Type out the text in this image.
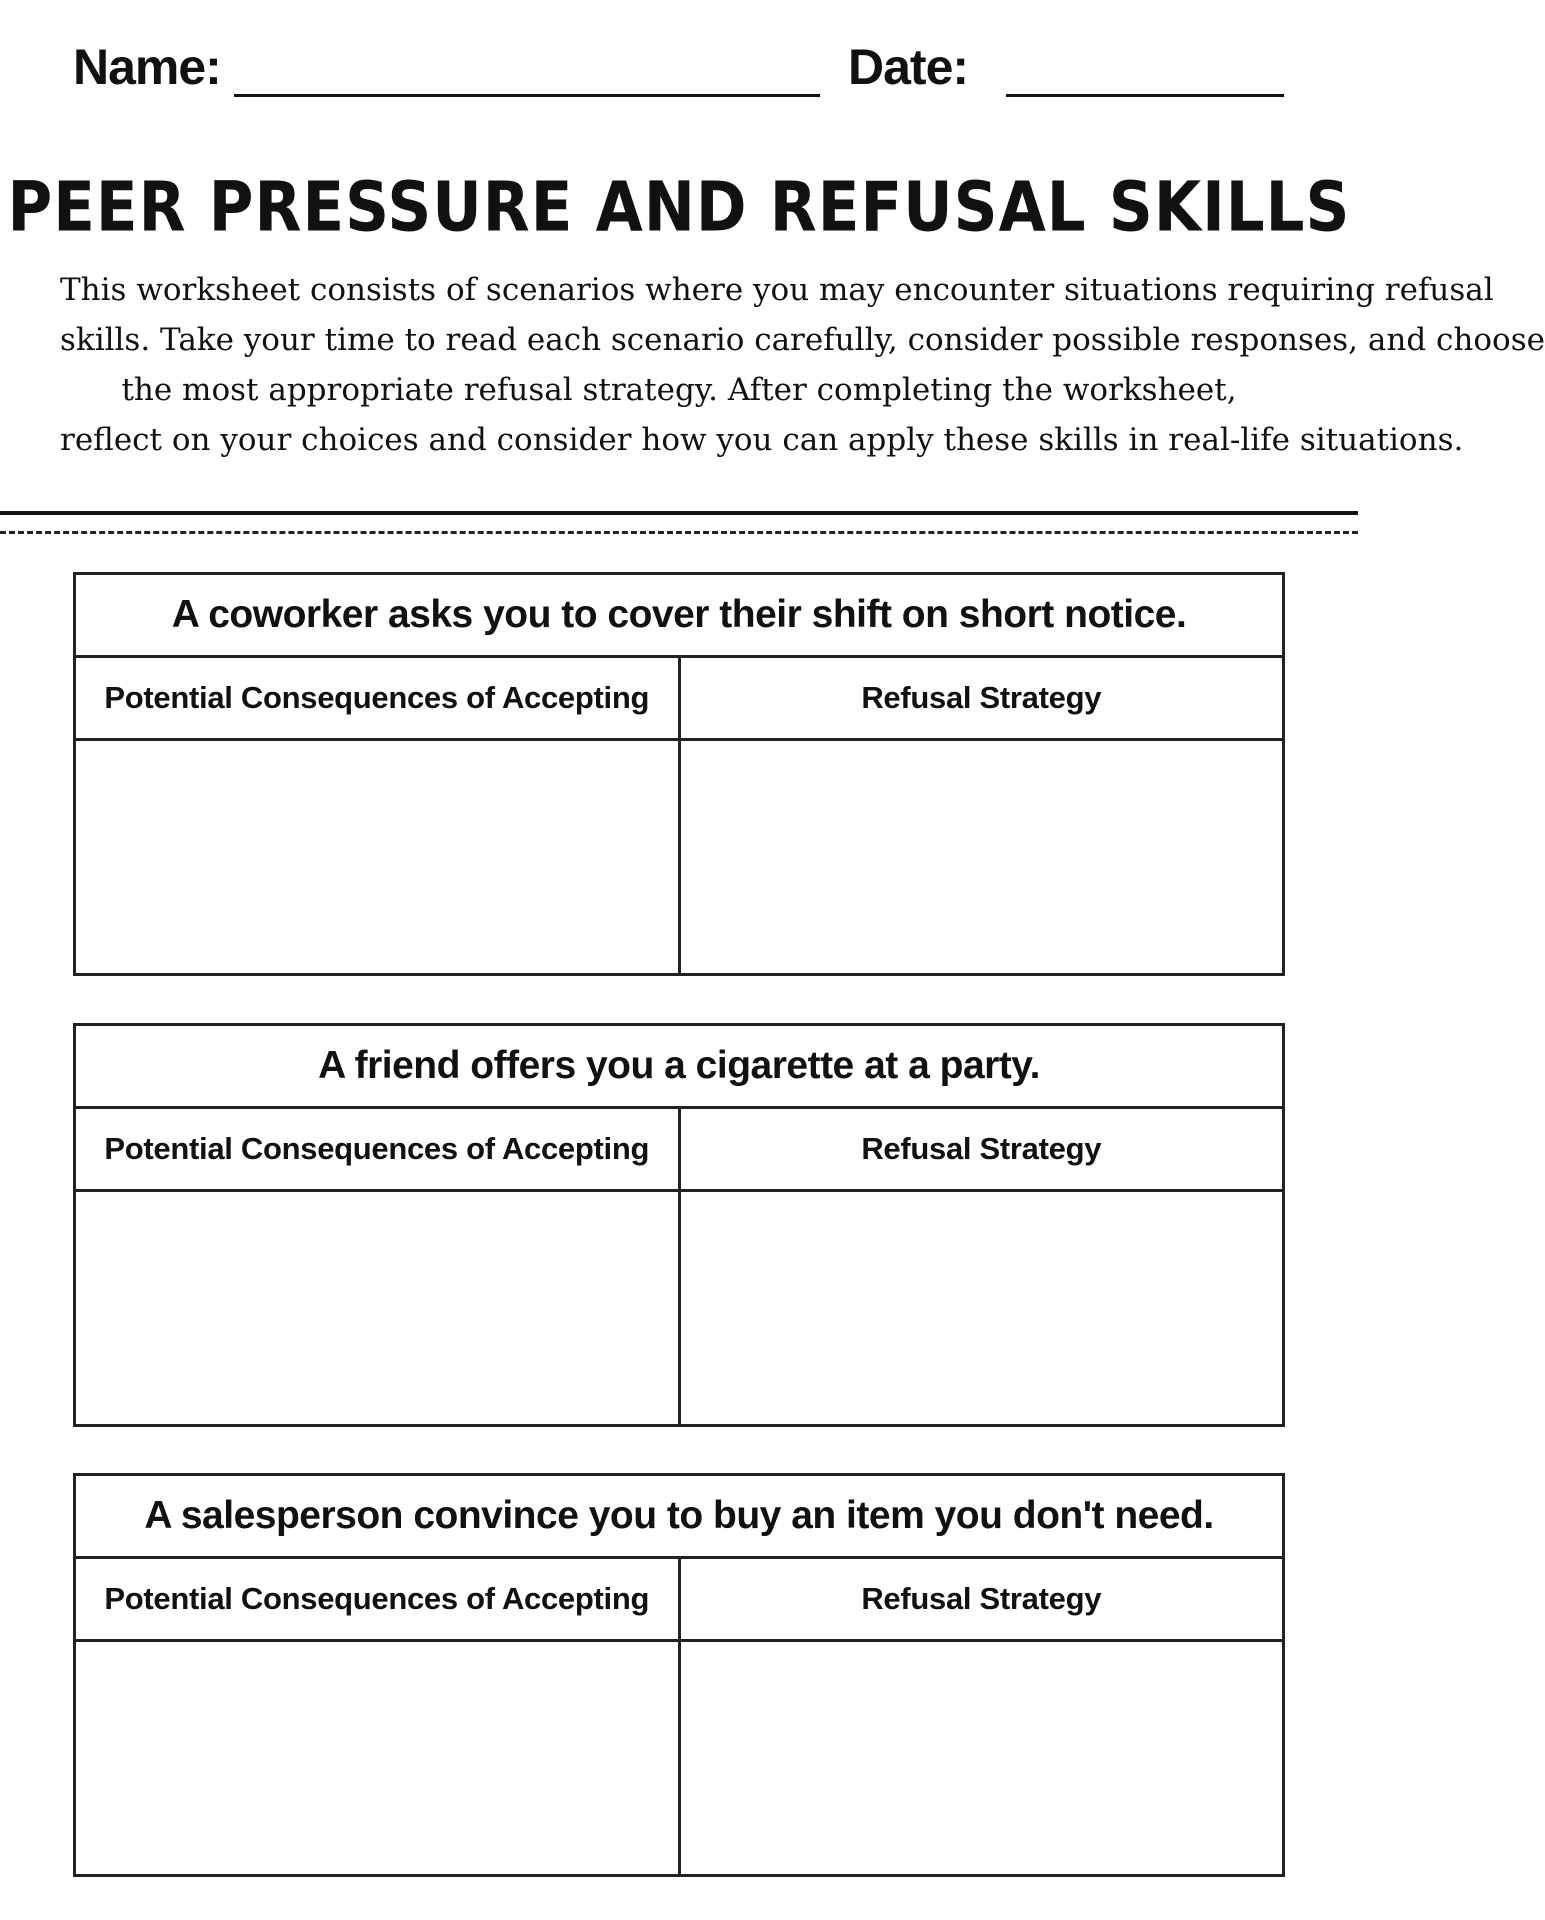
Name:	Date:
PEER PRESSURE AND REFUSAL SKILLS
This worksheet consists of scenarios where you may encounter situations requiring refusal
skills. Take your time to read each scenario carefully, consider possible responses, and choose
the most appropriate refusal strategy. After completing the worksheet,
reflect on your choices and consider how you can apply these skills in real-life situations.
A coworker asks you to cover their shift on short notice.
Potential Consequences of Accepting	Refusal Strategy
A friend offers you a cigarette at a party.
Potential Consequences of Accepting	Refusal Strategy
A salesperson convince you to buy an item you don't need.
Potential Consequences of Accepting	Refusal Strategy
